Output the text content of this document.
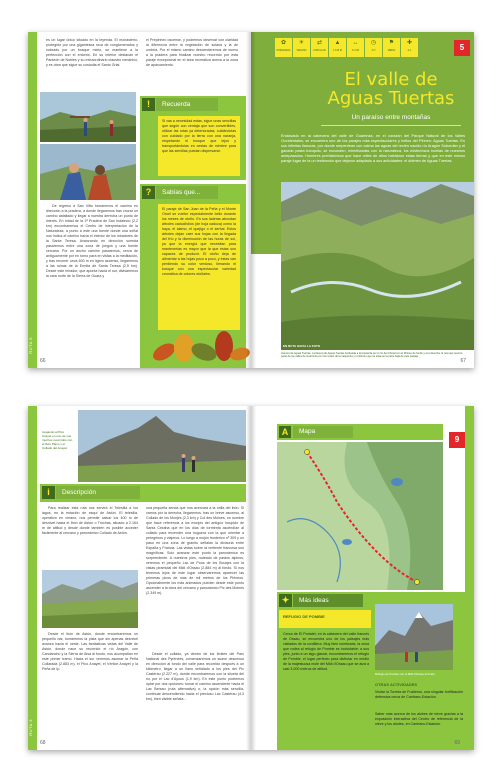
RUTA 5
es un lugar único situado en la leyenda. El monasterio, protegido por una gigantesca roca de conglomerados y rodeado por un bosque mixto, se mantiene a la perfección con el entorno. En su interior destacan el Panteón de Nobles y su extraordinario claustro románico, y es obra que sigue su custodia el Santo Grial.
De regreso a San Vitto tomaremos el camino en dirección a la pradera, a donde llegaremos tras cruzar un camino asfaltado y llegar a nuestra derecha un punto de interés. En mitad de la 1ª Pradera de San Indalecio (2,2 km) encontraremos el Centro de Interpretación de la Naturaleza, a punto a este una fuente donde una señal nos indica el camino hacia el interior de los miradores de la Santa Teresa. Avanzando en dirección suresta pasaremos entre una zona de juegos y una fuente cercana. Por un ancho camino pasaremos, cerca de antiguamente por en torno para en vistas a la meditación, y tras recorrer unos 600 m en ligero ascenso, llegaremos a las ruinas de la Ermita de Santa Teresa (2,5 km). Desde este mirador, que apunta hacia el sur, divisaremos la cara norte de la Sierra de Guara y
el Prepirineo oscense, y podremos observar con claridad la diferencia entre la vegetación de solana y la de umbría. Por el mismo camino descenderemos de nuevo a la pradera para finalizar nuestro recorrido por esta paraje excepcional en el área recreativa anexa a la zona de aparcamiento.
!	Recuerda
Si vas a necesidad estas, sigue unas sencillas que según con ventaja que son convertibles, utilizar las rutas ya deterioradas, cuidándolas con cuidado por la tierra con una naranja, respetando el bosque que lejos y transportándolas en cestas de mimbre para que las semillas puedan dispersarse.
?	Sabías que...
El paraje de San Juan de la Peña y el Monte Oroel se vuelve especialmente bello durante los meses de otoño. En sus laderas abundan árboles caducifolios (de hoja caduca) como la haya, el álamo, el quejigo o el serbal. Estos árboles dejan caer sus hojas con la llegada del frío y la disminución de las horas de sol, ya que la energía que necesitan para mantenerlas es mayor que la que éstas son capaces de producir. El otoño deja de alimentar a las hojas poco a poco, y éstas van perdiendo su color verdoso, llenando el bosque con una espectacular variedad cromática de colores otoñales.
66
✿
PRIMAVERA
☀
VERANO
⇄
CIRCULAR
▲
1.615 M
↔
11 KM
◷
3 H
⚑
MEDIA
✚
A-1	5
El valle de
Aguas Tuertas
Un paraíso entre montañas
Enclavado en la cabecera del valle de Guarrinza, en el corazón del Parque Natural de los Valles Occidentales, se encuentra uno de los parajes más espectaculares y bellos del Pirineo: Aguas Tuertas. En sus infinitas llanuras, por donde serpentean con calma las aguas del recién nacido río Aragón Subordán y el ganado pasta tranquilo, se esconden, mimetizadas con la naturaleza, los misteriosos huellas de nuestros antepasados. Hombres prehistóricos que hace miles de años habitaron estas tierras y que en este mismo paraje lugar de la un testimonio que dejaron adaptado a sus actividades: el dolmen de Aguas Tuertas.
Llanura de Aguas Tuertas. La llanura de Aguas Tuertas bordeada a la izquierda por el río del Chotal con el Pirineo de fondo y a la derecha, la ruta que recorre parte de los valles de Guarrinza con los restos de la vaqueriza y el dolmen que se sitúa en la parte baja de este paisaje.
EN RUTA HACIA LA FOTO
67
RUTA 9
Llegando al Pico Anayet en uno de sus muchos recorridos con el Ibón Plano y el Collado del Anayet.
i	Descripción
Para realizar esta ruta nos servirá el Telesilla a los lagos, en la estación de esquí de Astún. El telesilla, operativo en verano, nos permite salvar los 400 m de desnivel hasta el Ibón de Astún o Truchas, situado a 2.164 m de altitud y desde donde también es posible acceder fácilmente al cercano y panorámico Collado de Astún.
Desde el ibón de Astún, donde encontraremos un pequeño bar, tomaremos la pista que sin apenas desnivel avanza hacia el oeste. Las fantásticas vistas del Valle de Astún, donde nace su recorrido el río Aragón, con Candanchú y la Sierra de Aisa al fondo, nos acompañan en este primer tramo. Hacia el sur veremos asomar la Peña Collarada (2.883 m), el Pico Anayet, el Vértice Anayet y la Peña de Ip.
una pequeña senda que nos acercará a la orilla del ibón. Si vamos por la derecha, llegaremos, tras un breve ascenso, al Collado de los Monjes (2,3 km) y Col des Moines, un nombre que hace referencia a los monjes del antiguo hospicio de Santa Cristina que en los días de tormenta ascendían al collado para encender una hoguera con la que orientar a peregrinos y viajeros. Lo luego a mojón fronterizo nº 309 y un paso en una zona de granito señalan la divisoria entre España y Francia. Las vistas sobre la vertiente francesa son magníficas. Solo avanzar este punto la panorámica es sorprendente. A nuestros pies, rodeado de pastos alpinos, veremos el pequeño Lac de Pous de los Bouqes con la vistas piramidal del Midi d'Ossau (2.884 m) al fondo. Si nos tenemos lejos de este lugar observaremos aparecer las primeras picos de más de mil metros de los Pirineos. Opcionalmente los más animados pueden desde este punto ascender a la cima del cercano y panorámico Pic des Moines (2.349 m).
Desde el collado, ya dentro de los límites del Parc National des Pyrénées, comenzaremos un suave descenso en dirección al fondo del valle para recorrido después a un kilómetro, llegar a un llano señalado a los pies del Pic Castérau (2.227 m), donde encontraremos con la silueta del río por el Lac d'Ayous (1,9 km). En este punto podremos optar por dos opciones: tomar el camino ascendente hacia el Lac Bersau (ruta alternativa) o, la opción más sencilla, continuar descendiendo hacia el precioso Lac Castérau (4,3 km), bien visible señala...
68
9
A	Mapa
✦	Más ideas
REFUGIO DE POMBIE
Cerca de El Portalet, en la cabecera del valle francés de Ossau, se encuentra uno de los paisajes más visitados de la cordillera. Muy bien nombrada, la zona que rodea al refugio de Pombie es inolvidable: a sus pies, junto a un lago glaciar, encontraremos el refugio de Pombie, el lugar perfecto para disfrutar en medio de la majestuosa mole del Midi d'Ossau que se alza a casi 3.000 metros de altitud.
Refugio de Pombie con el Midi d'Ossau al fondo.
OTRAS ACTIVIDADES
Visitar la Torreta de Fusileros, una singular fortificación defensiva cerca de Canfranc-Estación.
Saber más acerca de los alubes de nieve gracias a la exposición interactiva del Centro de referencia de la nieve y los aludes, en Canfranc-Estación.
69
